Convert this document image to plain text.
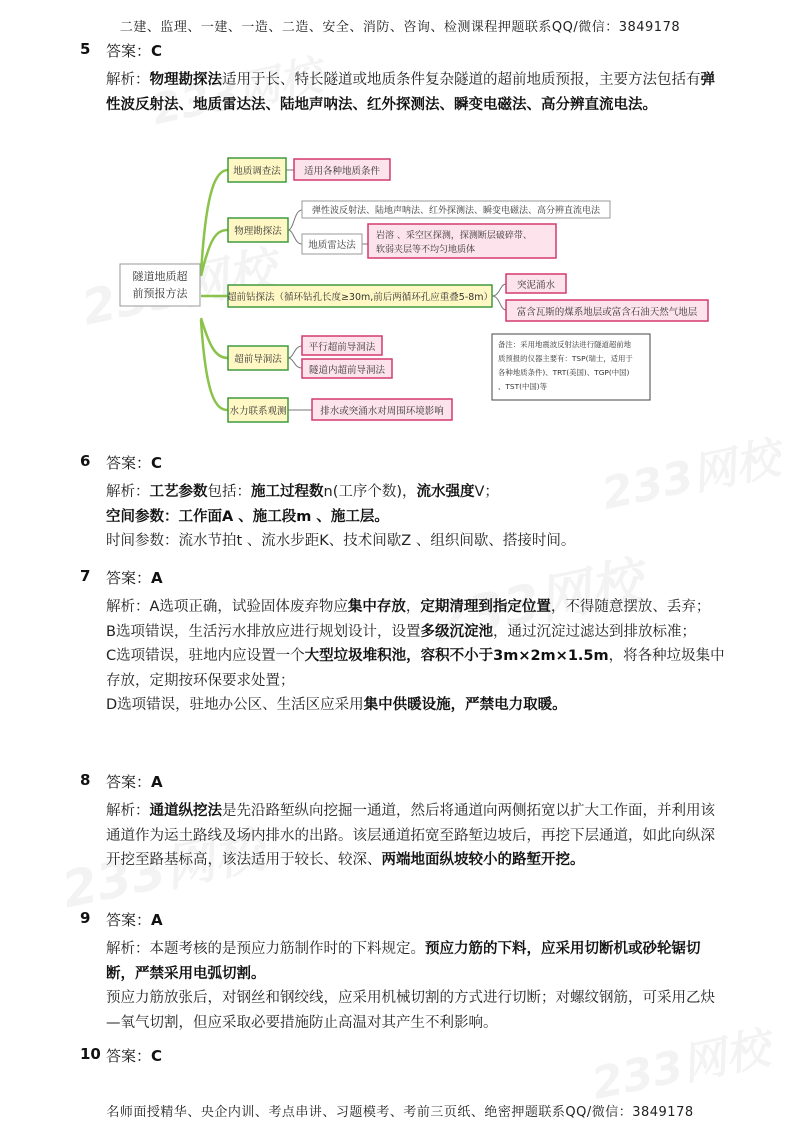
二建、监理、一建、一造、二造、安全、消防、咨询、检测课程押题联系QQ/微信：3849178
5 答案：C
解析：物理勘探法适用于长、特长隧道或地质条件复杂隧道的超前地质预报，主要方法包括有弹性波反射法、地质雷达法、陆地声呐法、红外探测法、瞬变电磁法、高分辨直流电法。
隧道地质超
前预报方法
地质调查法 适用各种地质条件
物理勘探法
弹性波反射法、陆地声呐法、红外探测法、瞬变电磁法、高分辨直流电法
地质雷达法
岩溶 、采空区探测，探测断层破碎带、
软弱夹层等不均匀地质体
超前钻探法（循环钻孔长度≥30m,前后两循环孔应重叠5-8m）
突泥涌水
富含瓦斯的煤系地层或富含石油天然气地层
超前导洞法
平行超前导洞法
隧道内超前导洞法
水力联系观测	排水或突涌水对周围环境影响
备注：采用地震波反射法进行隧道超前地
质预报的仪器主要有：TSP(瑞士，适用于
各种地质条件)、TRT(美国)、TGP(中国)
、TST(中国)等
6 答案：C
解析：工艺参数包括：施工过程数n(工序个数)，流水强度V；
空间参数：工作面A 、施工段m 、施工层。
时间参数：流水节拍t 、流水步距K、技术间歇Z 、组织间歇、搭接时间。
7 答案：A
解析：A选项正确，试验固体废弃物应集中存放，定期清理到指定位置，不得随意摆放、丢弃；
B选项错误，生活污水排放应进行规划设计，设置多级沉淀池，通过沉淀过滤达到排放标准；
C选项错误，驻地内应设置一个大型垃圾堆积池，容积不小于3m×2m×1.5m，将各种垃圾集中存放，定期按环保要求处置；
D选项错误，驻地办公区、生活区应采用集中供暖设施，严禁电力取暖。
8 答案：A
解析：通道纵挖法是先沿路堑纵向挖掘一通道，然后将通道向两侧拓宽以扩大工作面，并利用该通道作为运土路线及场内排水的出路。该层通道拓宽至路堑边坡后，再挖下层通道，如此向纵深开挖至路基标高，该法适用于较长、较深、两端地面纵坡较小的路堑开挖。
9 答案：A
解析：本题考核的是预应力筋制作时的下料规定。预应力筋的下料，应采用切断机或砂轮锯切断，严禁采用电弧切割。
预应力筋放张后，对钢丝和钢绞线，应采用机械切割的方式进行切断；对螺纹钢筋，可采用乙炔—氧气切割，但应采取必要措施防止高温对其产生不利影响。
10 答案：C
名师面授精华、央企内训、考点串讲、习题模考、考前三页纸、绝密押题联系QQ/微信：3849178
